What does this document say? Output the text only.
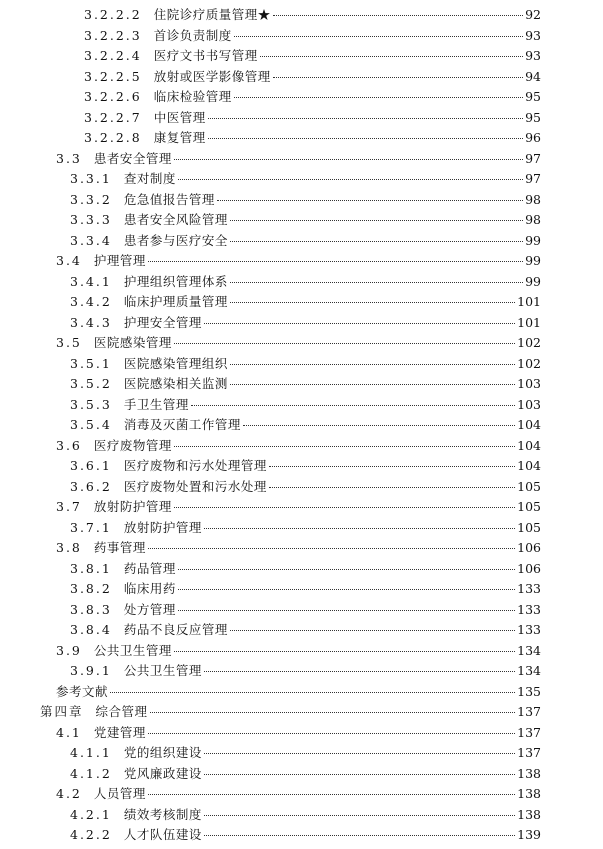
3.2.2.2 住院诊疗质量管理★	92
3.2.2.3 首诊负责制度	93
3.2.2.4 医疗文书书写管理	93
3.2.2.5 放射或医学影像管理	94
3.2.2.6 临床检验管理	95
3.2.2.7 中医管理	95
3.2.2.8 康复管理	96
3.3 患者安全管理	97
3.3.1 查对制度	97
3.3.2 危急值报告管理	98
3.3.3 患者安全风险管理	98
3.3.4 患者参与医疗安全	99
3.4 护理管理	99
3.4.1 护理组织管理体系	99
3.4.2 临床护理质量管理	101
3.4.3 护理安全管理	101
3.5 医院感染管理	102
3.5.1 医院感染管理组织	102
3.5.2 医院感染相关监测	103
3.5.3 手卫生管理	103
3.5.4 消毒及灭菌工作管理	104
3.6 医疗废物管理	104
3.6.1 医疗废物和污水处理管理	104
3.6.2 医疗废物处置和污水处理	105
3.7 放射防护管理	105
3.7.1 放射防护管理	105
3.8 药事管理	106
3.8.1 药品管理	106
3.8.2 临床用药	133
3.8.3 处方管理	133
3.8.4 药品不良反应管理	133
3.9 公共卫生管理	134
3.9.1 公共卫生管理	134
参考文献	135
第四章 综合管理	137
4.1 党建管理	137
4.1.1 党的组织建设	137
4.1.2 党风廉政建设	138
4.2 人员管理	138
4.2.1 绩效考核制度	138
4.2.2 人才队伍建设	139
